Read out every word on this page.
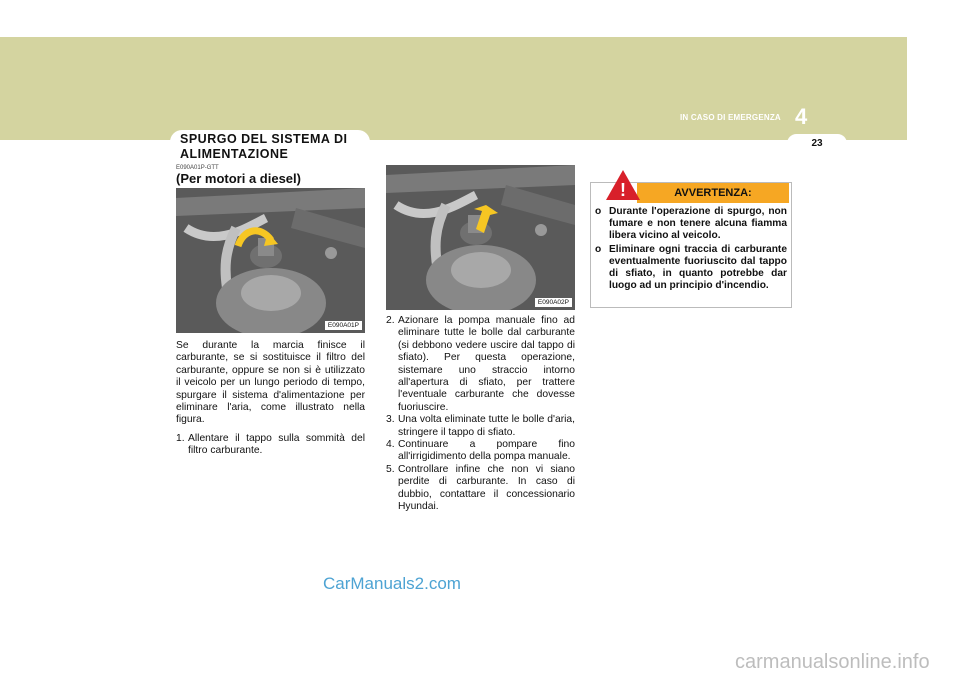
IN CASO DI EMERGENZA 4
23
SPURGO DEL SISTEMA DI ALIMENTAZIONE
E090A01P-GTT
(Per motori a diesel)
E090A01P
E090A02P

Se durante la marcia finisce il carburante, se si sostituisce il filtro del carburante, oppure se non si è utilizzato il veicolo per un lungo periodo di tempo, spurgare il sistema d'alimentazione per eliminare l'aria, come illustrato nella figura.

1. Allentare il tappo sulla sommità del filtro carburante.
2. Azionare la pompa manuale fino ad eliminare tutte le bolle dal carburante (si debbono vedere uscire dal tappo di sfiato). Per questa operazione, sistemare uno straccio intorno all'apertura di sfiato, per trattere l'eventuale carburante che dovesse fuoriuscire.
3. Una volta eliminate tutte le bolle d'aria, stringere il tappo di sfiato.
4. Continuare a pompare fino all'irrigidimento della pompa manuale.
5. Controllare infine che non vi siano perdite di carburante. In caso di dubbio, contattare il concessionario Hyundai.
AVVERTENZA:
!
o Durante l'operazione di spurgo, non fumare e non tenere alcuna fiamma libera vicino al veicolo.
o Eliminare ogni traccia di carburante eventualmente fuoriuscito dal tappo di sfiato, in quanto potrebbe dar luogo ad un principio d'incendio.
CarManuals2.com
carmanualsonline.info
